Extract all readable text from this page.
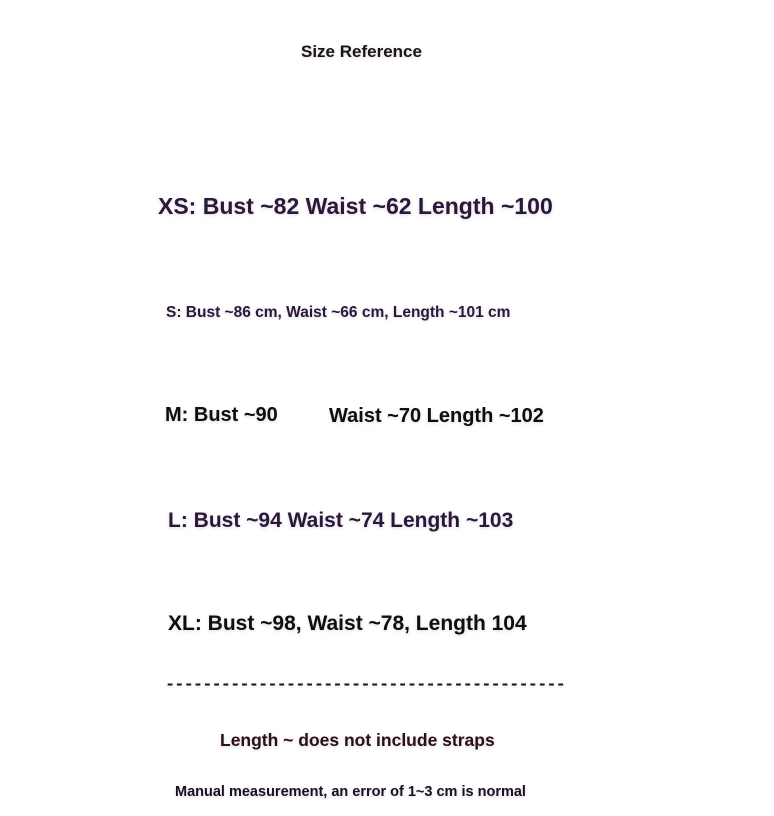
Size Reference

XS: Bust ~82 Waist ~62 Length ~100

S: Bust ~86 cm, Waist ~66 cm, Length ~101 cm

M: Bust ~90	Waist ~70 Length ~102

L: Bust ~94 Waist ~74 Length ~103

XL: Bust ~98, Waist ~78, Length 104

-------------------------------------------

Length ~ does not include straps

Manual measurement, an error of 1~3 cm is normal
